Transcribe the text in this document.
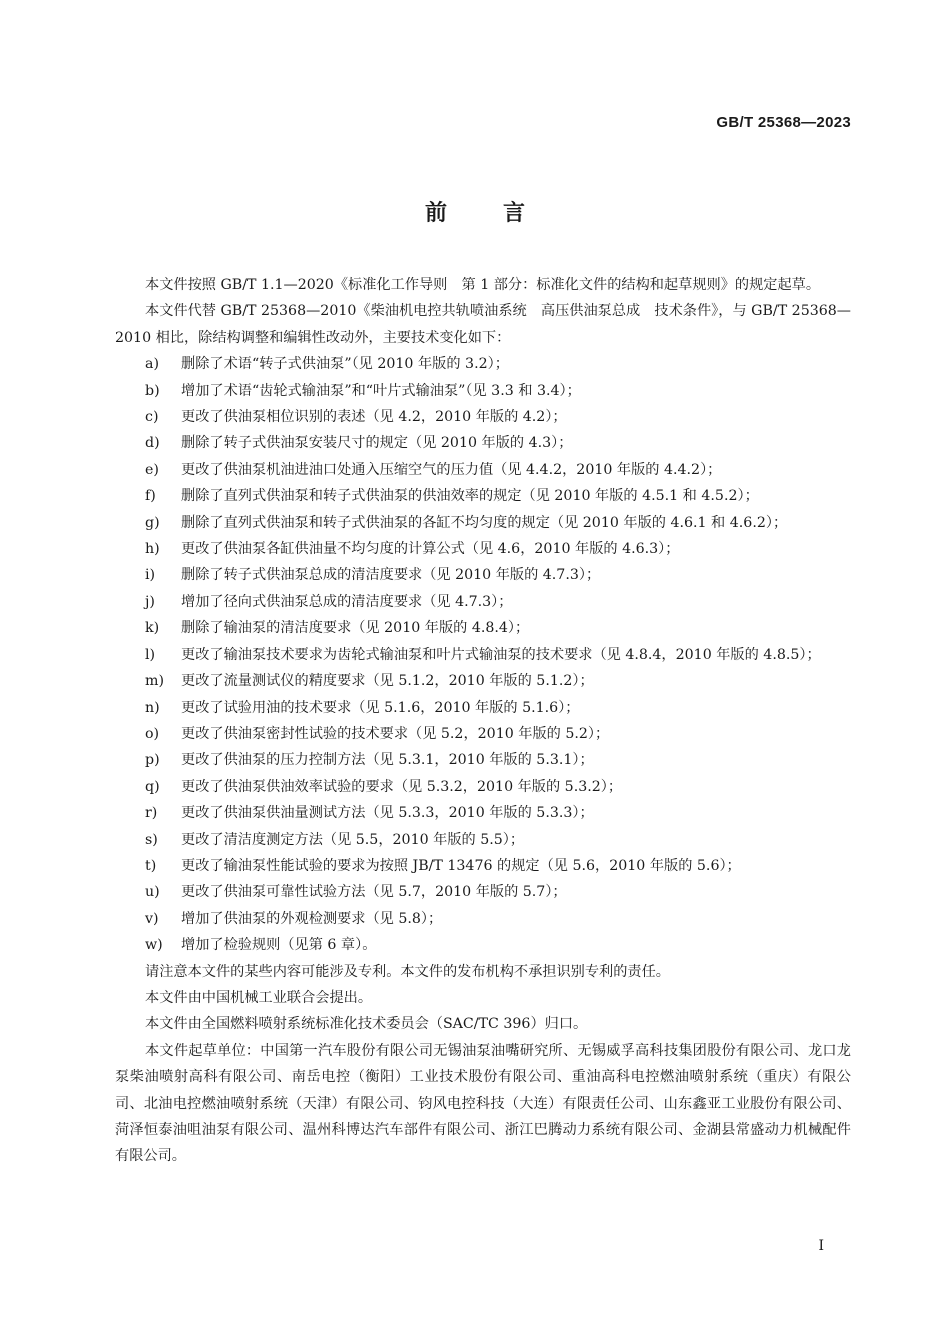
GB/T 25368—2023
前	言

本文件按照 GB/T 1.1—2020《标准化工作导则　第 1 部分：标准化文件的结构和起草规则》的规定起草。

本文件代替 GB/T 25368—2010《柴油机电控共轨喷油系统　高压供油泵总成　技术条件》，与 GB/T 25368—2010 相比，除结构调整和编辑性改动外，主要技术变化如下：

a)	删除了术语“转子式供油泵”（见 2010 年版的 3.2）；

b)	增加了术语“齿轮式输油泵”和“叶片式输油泵”（见 3.3 和 3.4）；

c)	更改了供油泵相位识别的表述（见 4.2，2010 年版的 4.2）；

d)	删除了转子式供油泵安装尺寸的规定（见 2010 年版的 4.3）；

e)	更改了供油泵机油进油口处通入压缩空气的压力值（见 4.4.2，2010 年版的 4.4.2）；

f)	删除了直列式供油泵和转子式供油泵的供油效率的规定（见 2010 年版的 4.5.1 和 4.5.2）；

g)	删除了直列式供油泵和转子式供油泵的各缸不均匀度的规定（见 2010 年版的 4.6.1 和 4.6.2）；

h)	更改了供油泵各缸供油量不均匀度的计算公式（见 4.6，2010 年版的 4.6.3）；

i)	删除了转子式供油泵总成的清洁度要求（见 2010 年版的 4.7.3）；

j)	增加了径向式供油泵总成的清洁度要求（见 4.7.3）；

k)	删除了输油泵的清洁度要求（见 2010 年版的 4.8.4）；

l)	更改了输油泵技术要求为齿轮式输油泵和叶片式输油泵的技术要求（见 4.8.4，2010 年版的 4.8.5）；

m)	更改了流量测试仪的精度要求（见 5.1.2，2010 年版的 5.1.2）；

n)	更改了试验用油的技术要求（见 5.1.6，2010 年版的 5.1.6）；

o)	更改了供油泵密封性试验的技术要求（见 5.2，2010 年版的 5.2）；

p)	更改了供油泵的压力控制方法（见 5.3.1，2010 年版的 5.3.1）；

q)	更改了供油泵供油效率试验的要求（见 5.3.2，2010 年版的 5.3.2）；

r)	更改了供油泵供油量测试方法（见 5.3.3，2010 年版的 5.3.3）；

s)	更改了清洁度测定方法（见 5.5，2010 年版的 5.5）；

t)	更改了输油泵性能试验的要求为按照 JB/T 13476 的规定（见 5.6，2010 年版的 5.6）；

u)	更改了供油泵可靠性试验方法（见 5.7，2010 年版的 5.7）；

v)	增加了供油泵的外观检测要求（见 5.8）；

w)	增加了检验规则（见第 6 章）。

请注意本文件的某些内容可能涉及专利。本文件的发布机构不承担识别专利的责任。

本文件由中国机械工业联合会提出。

本文件由全国燃料喷射系统标准化技术委员会（SAC/TC 396）归口。

本文件起草单位：中国第一汽车股份有限公司无锡油泵油嘴研究所、无锡威孚高科技集团股份有限公司、龙口龙泵柴油喷射高科有限公司、南岳电控（衡阳）工业技术股份有限公司、重油高科电控燃油喷射系统（重庆）有限公司、北油电控燃油喷射系统（天津）有限公司、钧风电控科技（大连）有限责任公司、山东鑫亚工业股份有限公司、菏泽恒泰油咀油泵有限公司、温州科博达汽车部件有限公司、浙江巴腾动力系统有限公司、金湖县常盛动力机械配件有限公司。

I
